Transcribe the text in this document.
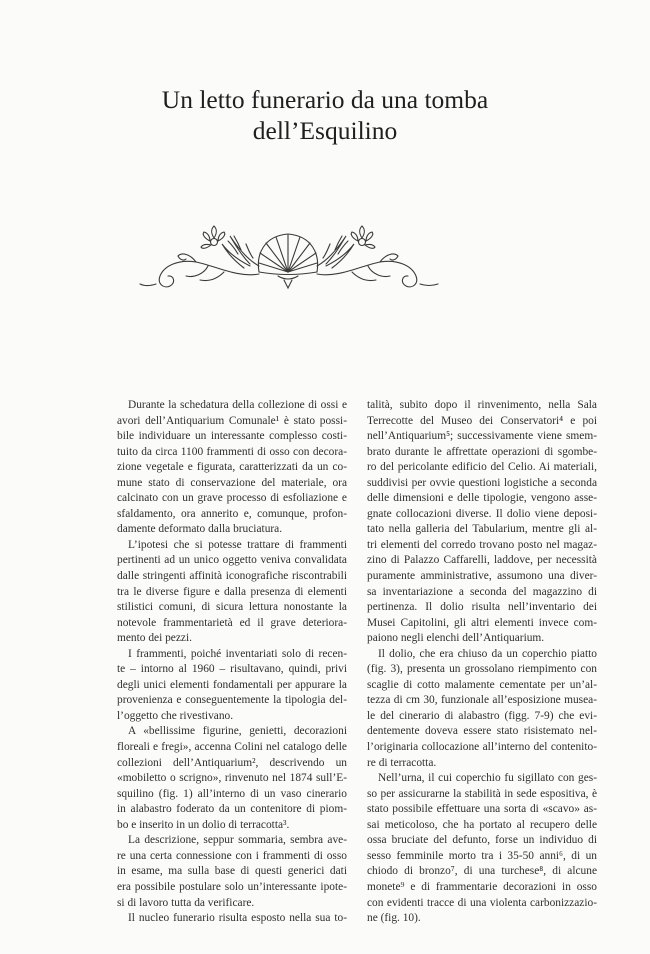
Un letto funerario da una tomba
dell’Esquilino
Durante la schedatura della collezione di ossi e
avori dell’Antiquarium Comunale¹ è stato possi-
bile individuare un interessante complesso costi-
tuito da circa 1100 frammenti di osso con decora-
zione vegetale e figurata, caratterizzati da un co-
mune stato di conservazione del materiale, ora
calcinato con un grave processo di esfoliazione e
sfaldamento, ora annerito e, comunque, profon-
damente deformato dalla bruciatura.
L’ipotesi che si potesse trattare di frammenti
pertinenti ad un unico oggetto veniva convalidata
dalle stringenti affinità iconografiche riscontrabili
tra le diverse figure e dalla presenza di elementi
stilistici comuni, di sicura lettura nonostante la
notevole frammentarietà ed il grave deteriora-
mento dei pezzi.
I frammenti, poiché inventariati solo di recen-
te – intorno al 1960 – risultavano, quindi, privi
degli unici elementi fondamentali per appurare la
provenienza e conseguentemente la tipologia del-
l’oggetto che rivestivano.
A «bellissime figurine, genietti, decorazioni
floreali e fregi», accenna Colini nel catalogo delle
collezioni dell’Antiquarium², descrivendo un
«mobiletto o scrigno», rinvenuto nel 1874 sull’E-
squilino (fig. 1) all’interno di un vaso cinerario
in alabastro foderato da un contenitore di piom-
bo e inserito in un dolio di terracotta³.
La descrizione, seppur sommaria, sembra ave-
re una certa connessione con i frammenti di osso
in esame, ma sulla base di questi generici dati
era possibile postulare solo un’interessante ipote-
si di lavoro tutta da verificare.
Il nucleo funerario risulta esposto nella sua to-
talità, subito dopo il rinvenimento, nella Sala
Terrecotte del Museo dei Conservatori⁴ e poi
nell’Antiquarium⁵; successivamente viene smem-
brato durante le affrettate operazioni di sgombe-
ro del pericolante edificio del Celio. Ai materiali,
suddivisi per ovvie questioni logistiche a seconda
delle dimensioni e delle tipologie, vengono asse-
gnate collocazioni diverse. Il dolio viene deposi-
tato nella galleria del Tabularium, mentre gli al-
tri elementi del corredo trovano posto nel magaz-
zino di Palazzo Caffarelli, laddove, per necessità
puramente amministrative, assumono una diver-
sa inventariazione a seconda del magazzino di
pertinenza. Il dolio risulta nell’inventario dei
Musei Capitolini, gli altri elementi invece com-
paiono negli elenchi dell’Antiquarium.
Il dolio, che era chiuso da un coperchio piatto
(fig. 3), presenta un grossolano riempimento con
scaglie di cotto malamente cementate per un’al-
tezza di cm 30, funzionale all’esposizione musea-
le del cinerario di alabastro (figg. 7-9) che evi-
dentemente doveva essere stato risistemato nel-
l’originaria collocazione all’interno del contenito-
re di terracotta.
Nell’urna, il cui coperchio fu sigillato con ges-
so per assicurarne la stabilità in sede espositiva, è
stato possibile effettuare una sorta di «scavo» as-
sai meticoloso, che ha portato al recupero delle
ossa bruciate del defunto, forse un individuo di
sesso femminile morto tra i 35-50 anni⁶, di un
chiodo di bronzo⁷, di una turchese⁸, di alcune
monete⁹ e di frammentarie decorazioni in osso
con evidenti tracce di una violenta carbonizzazio-
ne (fig. 10).
